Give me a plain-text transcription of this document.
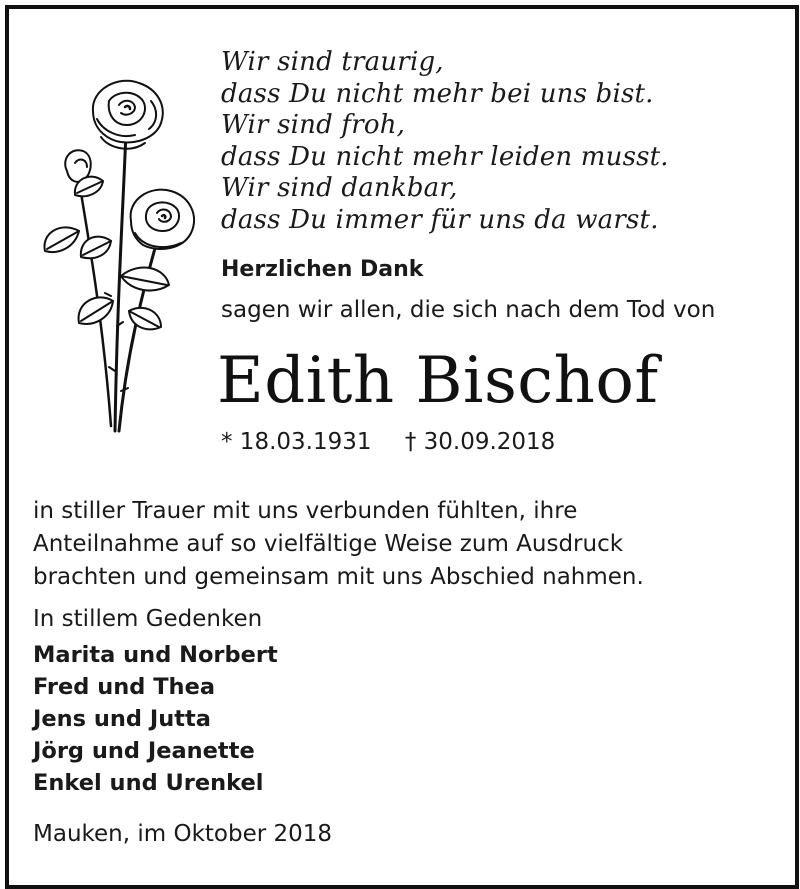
Wir sind traurig,
dass Du nicht mehr bei uns bist.
Wir sind froh,
dass Du nicht mehr leiden musst.
Wir sind dankbar,
dass Du immer für uns da warst.
Herzlichen Dank
sagen wir allen, die sich nach dem Tod von
Edith Bischof
* 18.03.1931 † 30.09.2018
in stiller Trauer mit uns verbunden fühlten, ihre
Anteilnahme auf so vielfältige Weise zum Ausdruck
brachten und gemeinsam mit uns Abschied nahmen.
In stillem Gedenken
Marita und Norbert
Fred und Thea
Jens und Jutta
Jörg und Jeanette
Enkel und Urenkel
Mauken, im Oktober 2018
